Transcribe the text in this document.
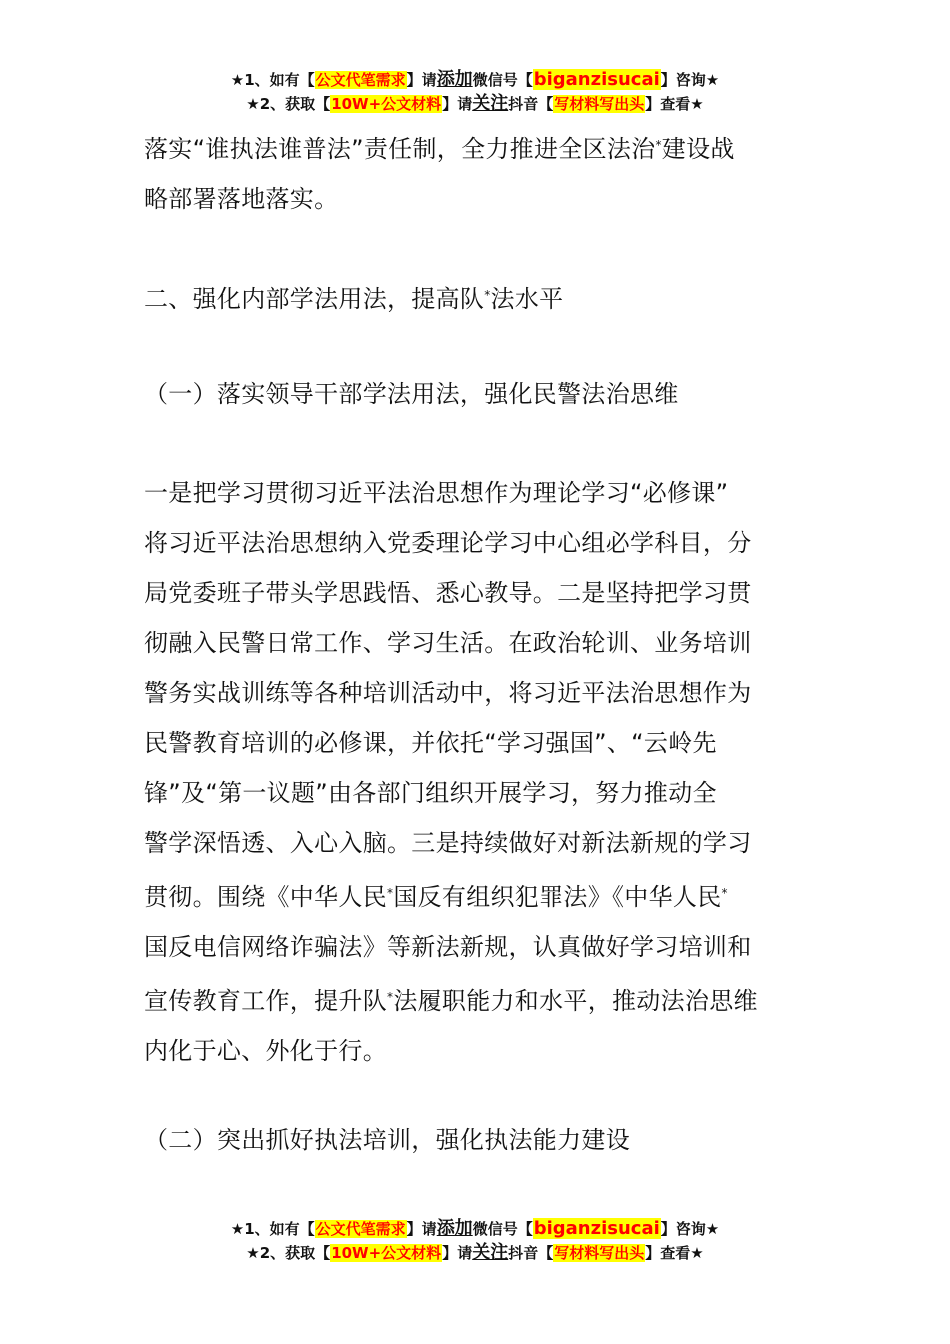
★1、如有【公文代笔需求】请添加微信号【biganzisucai】咨询★
★2、获取【10W+公文材料】请关注抖音【写材料写出头】查看★

落实“谁执法谁普法”责任制，全力推进全区法治*建设战

略部署落地落实。

二、强化内部学法用法，提高队*法水平

（一）落实领导干部学法用法，强化民警法治思维

一是把学习贯彻习近平法治思想作为理论学习“必修课”

将习近平法治思想纳入党委理论学习中心组必学科目，分

局党委班子带头学思践悟、悉心教导。二是坚持把学习贯

彻融入民警日常工作、学习生活。在政治轮训、业务培训

警务实战训练等各种培训活动中，将习近平法治思想作为

民警教育培训的必修课，并依托“学习强国”、“云岭先

锋”及“第一议题”由各部门组织开展学习，努力推动全

警学深悟透、入心入脑。三是持续做好对新法新规的学习

贯彻。围绕《中华人民*国反有组织犯罪法》《中华人民*

国反电信网络诈骗法》等新法新规，认真做好学习培训和

宣传教育工作，提升队*法履职能力和水平，推动法治思维

内化于心、外化于行。

（二）突出抓好执法培训，强化执法能力建设

★1、如有【公文代笔需求】请添加微信号【biganzisucai】咨询★
★2、获取【10W+公文材料】请关注抖音【写材料写出头】查看★
